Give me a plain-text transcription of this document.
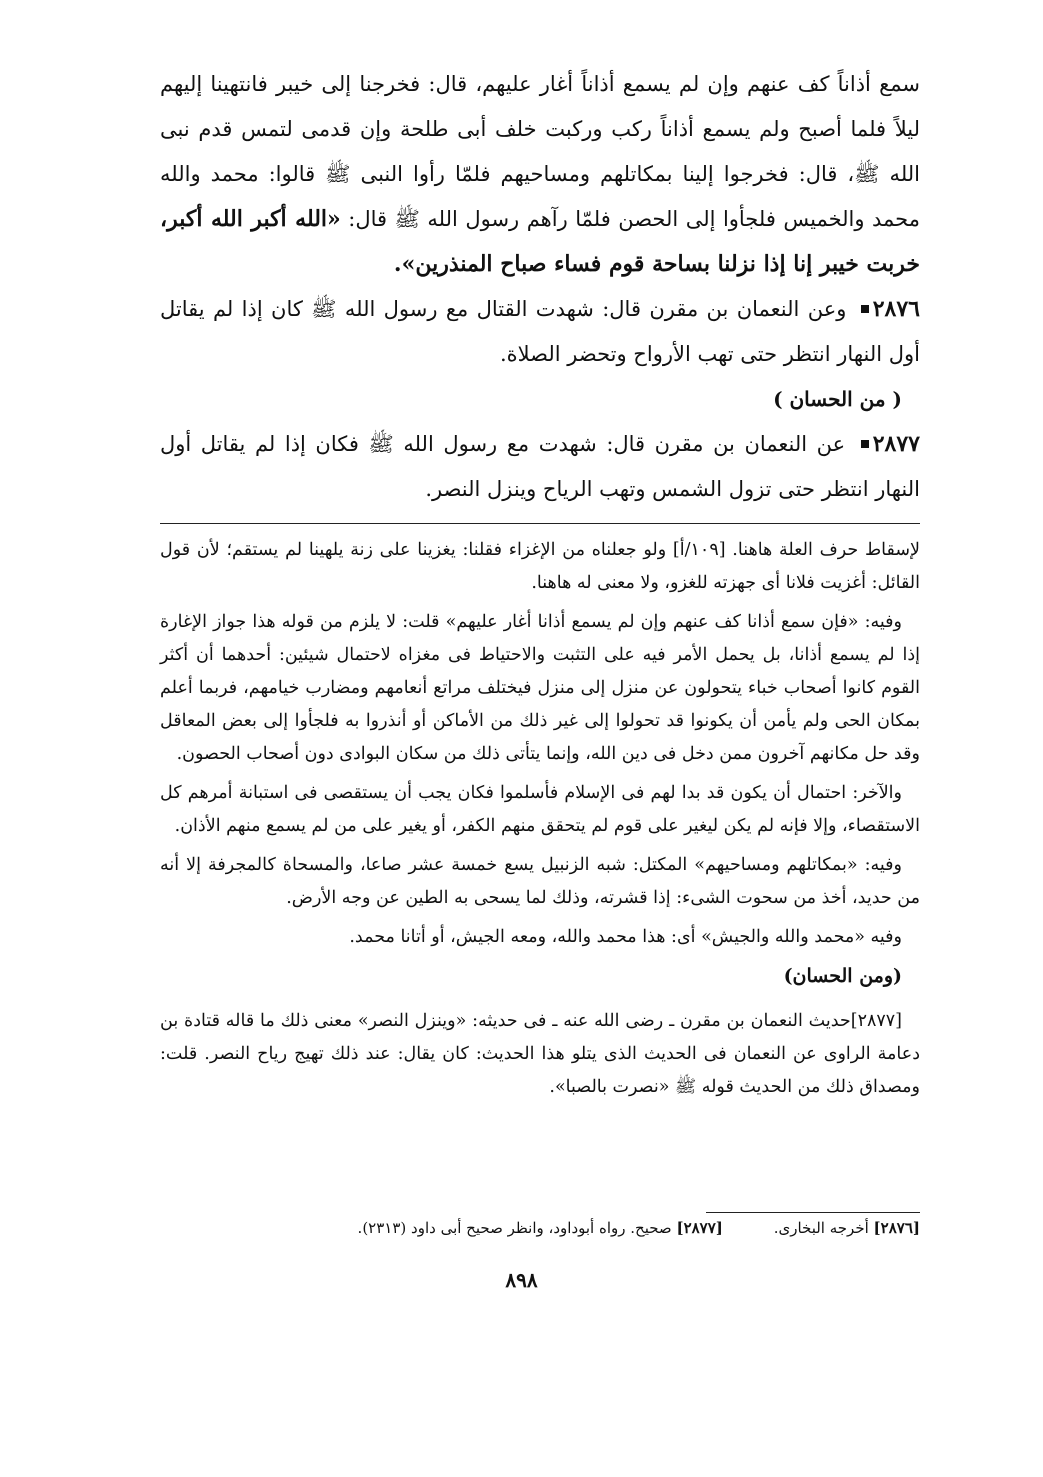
سمع أذاناً كف عنهم وإن لم يسمع أذاناً أغار عليهم، قال: فخرجنا إلى خيبر فانتهينا إليهم ليلاً فلما أصبح ولم يسمع أذاناً ركب وركبت خلف أبى طلحة وإن قدمى لتمس قدم نبى الله ﷺ، قال: فخرجوا إلينا بمكاتلهم ومساحيهم فلمّا رأوا النبى ﷺ قالوا: محمد والله محمد والخميس فلجأوا إلى الحصن فلمّا رآهم رسول الله ﷺ قال: «الله أكبر الله أكبر، خربت خيبر إنا إذا نزلنا بساحة قوم فساء صباح المنذرين».

٢٨٧٦ وعن النعمان بن مقرن قال: شهدت القتال مع رسول الله ﷺ كان إذا لم يقاتل أول النهار انتظر حتى تهب الأرواح وتحضر الصلاة.

( من الحسان )

٢٨٧٧ عن النعمان بن مقرن قال: شهدت مع رسول الله ﷺ فكان إذا لم يقاتل أول النهار انتظر حتى تزول الشمس وتهب الرياح وينزل النصر.

لإسقاط حرف العلة هاهنا. [١٠٩/أ] ولو جعلناه من الإغزاء فقلنا: يغزينا على زنة يلهينا لم يستقم؛ لأن قول القائل: أغزيت فلانا أى جهزته للغزو، ولا معنى له هاهنا.

وفيه: «فإن سمع أذانا كف عنهم وإن لم يسمع أذانا أغار عليهم» قلت: لا يلزم من قوله هذا جواز الإغارة إذا لم يسمع أذانا، بل يحمل الأمر فيه على التثبت والاحتياط فى مغزاه لاحتمال شيئين: أحدهما أن أكثر القوم كانوا أصحاب خباء يتحولون عن منزل إلى منزل فيختلف مراتع أنعامهم ومضارب خيامهم، فربما أعلم بمكان الحى ولم يأمن أن يكونوا قد تحولوا إلى غير ذلك من الأماكن أو أنذروا به فلجأوا إلى بعض المعاقل وقد حل مكانهم آخرون ممن دخل فى دين الله، وإنما يتأتى ذلك من سكان البوادى دون أصحاب الحصون.

والآخر: احتمال أن يكون قد بدا لهم فى الإسلام فأسلموا فكان يجب أن يستقصى فى استبانة أمرهم كل الاستقصاء، وإلا فإنه لم يكن ليغير على قوم لم يتحقق منهم الكفر، أو يغير على من لم يسمع منهم الأذان.

وفيه: «بمكاتلهم ومساحيهم» المكتل: شبه الزنبيل يسع خمسة عشر صاعا، والمسحاة كالمجرفة إلا أنه من حديد، أخذ من سحوت الشىء: إذا قشرته، وذلك لما يسحى به الطين عن وجه الأرض.

وفيه «محمد والله والجيش» أى: هذا محمد والله، ومعه الجيش، أو أتانا محمد.

(ومن الحسان)

[٢٨٧٧]حديث النعمان بن مقرن ـ رضى الله عنه ـ فى حديثه: «وينزل النصر» معنى ذلك ما قاله قتادة بن دعامة الراوى عن النعمان فى الحديث الذى يتلو هذا الحديث: كان يقال: عند ذلك تهيج رياح النصر. قلت: ومصداق ذلك من الحديث قوله ﷺ «نصرت بالصبا».

[٢٨٧٦] أخرجه البخارى. [٢٨٧٧] صحيح. رواه أبوداود، وانظر صحيح أبى داود (٢٣١٣).
٨٩٨
